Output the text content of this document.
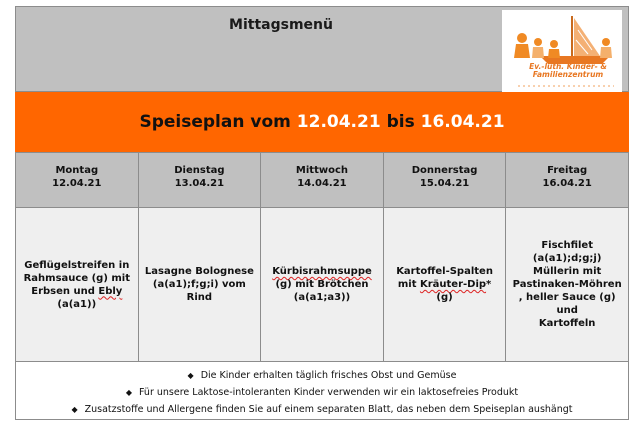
Mittagsmenü
Ev.-luth. Kinder- &
Familienzentrum
Speiseplan vom
12.04.21
bis
16.04.21
Montag
12.04.21
Dienstag
13.04.21
Mittwoch
14.04.21
Donnerstag
15.04.21
Freitag
16.04.21
Geflügelstreifen in
Rahmsauce (g) mit
Erbsen und Ebly
(a(a1))
Lasagne Bolognese
(a(a1);f;g;i) vom
Rind
Kürbisrahmsuppe
(g) mit Brötchen
(a(a1;a3))
Kartoffel-Spalten
mit Kräuter-Dip*
(g)
Fischfilet
(a(a1);d;g;j)
Müllerin mit
Pastinaken-Möhren
, heller Sauce (g) und
Kartoffeln
◆ Die Kinder erhalten täglich frisches Obst und Gemüse
◆ Für unsere Laktose-intoleranten Kinder verwenden wir ein laktosefreies Produkt
◆ Zusatzstoffe und Allergene finden Sie auf einem separaten Blatt, das neben dem Speiseplan aushängt
